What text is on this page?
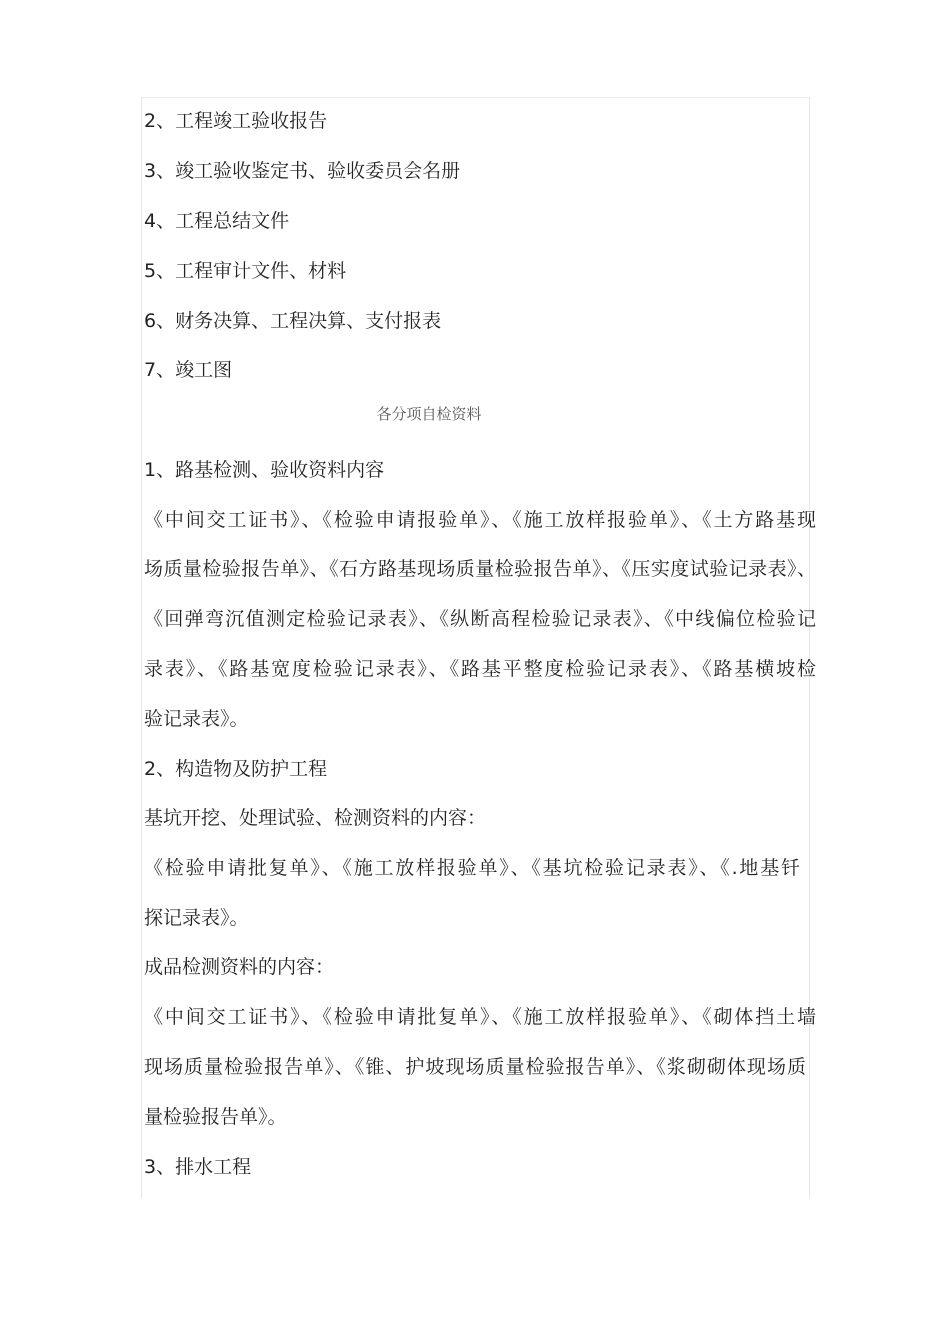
2、工程竣工验收报告
3、竣工验收鉴定书、验收委员会名册
4、工程总结文件
5、工程审计文件、材料
6、财务决算、工程决算、支付报表
7、竣工图
各分项自检资料
1、路基检测、验收资料内容
《中间交工证书》、《检验申请报验单》、《施工放样报验单》、《土方路基现
场质量检验报告单》、《石方路基现场质量检验报告单》、《压实度试验记录表》、
《回弹弯沉值测定检验记录表》、《纵断高程检验记录表》、《中线偏位检验记
录表》、《路基宽度检验记录表》、《路基平整度检验记录表》、《路基横坡检
验记录表》。
2、构造物及防护工程
基坑开挖、处理试验、检测资料的内容：
《检验申请批复单》、《施工放样报验单》、《基坑检验记录表》、《.地基钎
探记录表》。
成品检测资料的内容：
《中间交工证书》、《检验申请批复单》、《施工放样报验单》、《砌体挡土墙
现场质量检验报告单》、《锥、护坡现场质量检验报告单》、《浆砌砌体现场质
量检验报告单》。
3、排水工程
